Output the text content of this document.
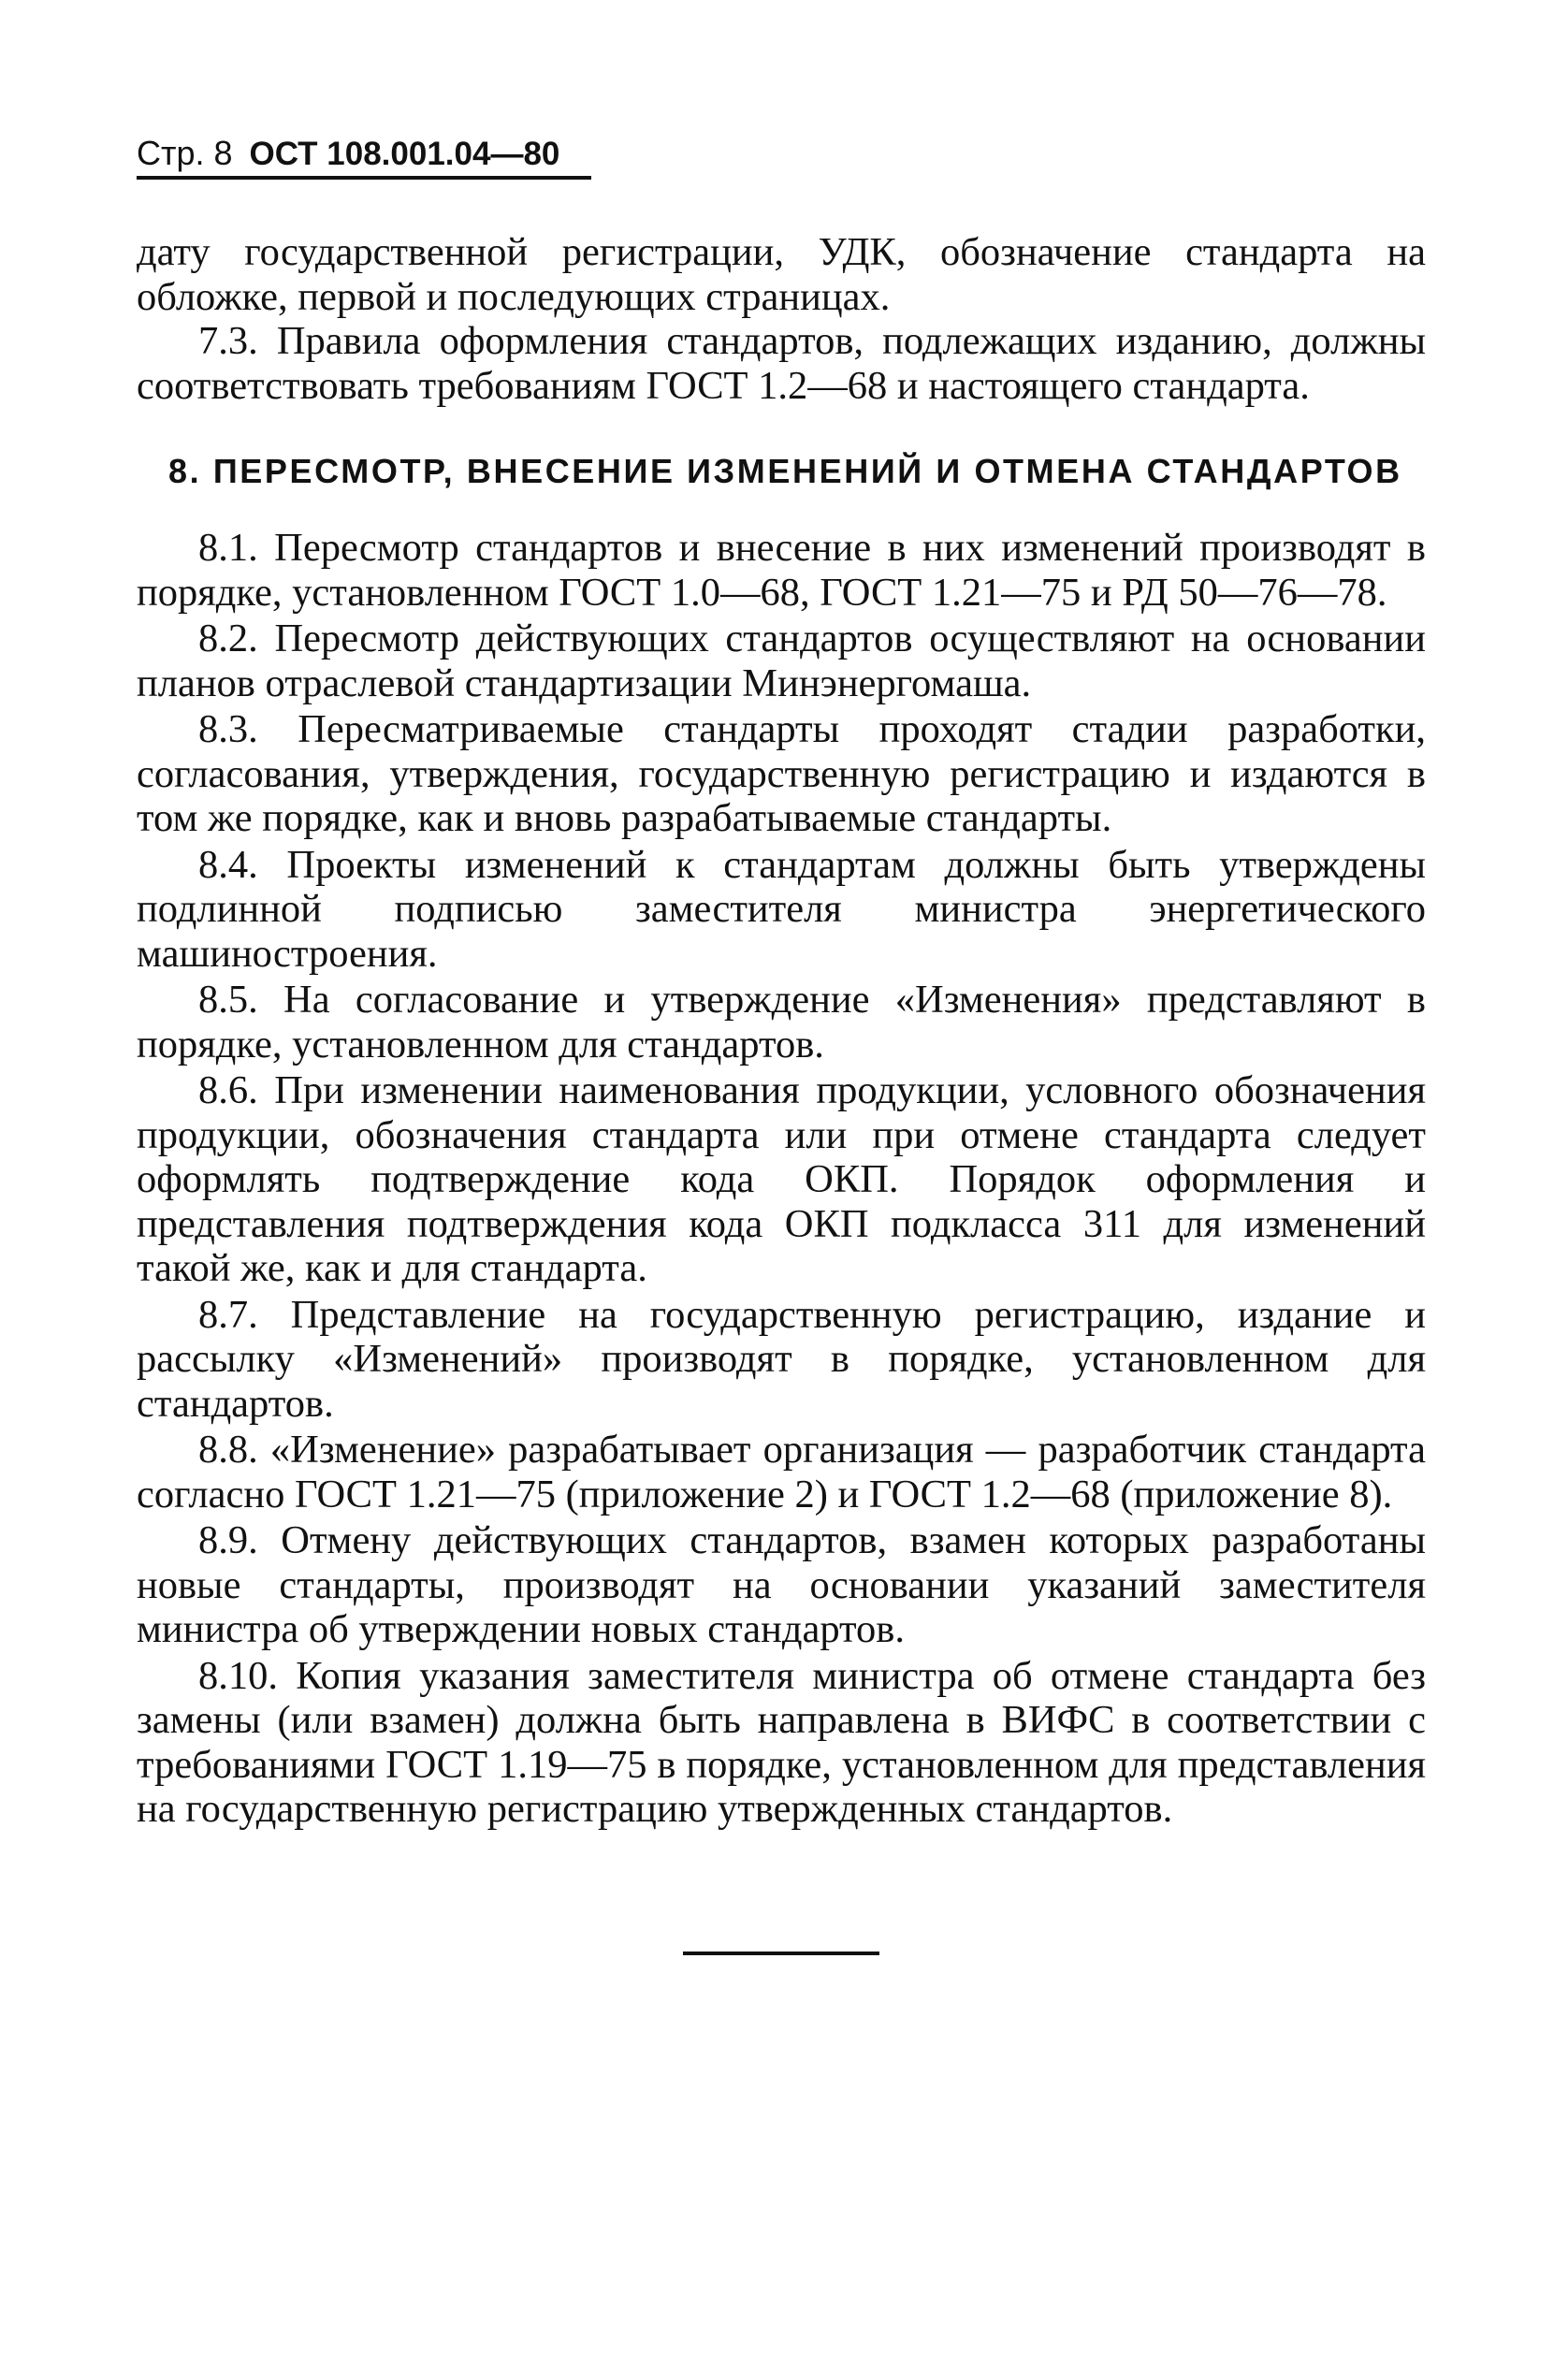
Стр. 8 ОСТ 108.001.04—80

дату государственной регистрации, УДК, обозначение стандарта на обложке, первой и последующих страницах.

7.3. Правила оформления стандартов, подлежащих изданию, должны соответствовать требованиям ГОСТ 1.2—68 и настоящего стандарта.

8. ПЕРЕСМОТР, ВНЕСЕНИЕ ИЗМЕНЕНИЙ И ОТМЕНА СТАНДАРТОВ

8.1. Пересмотр стандартов и внесение в них изменений производят в порядке, установленном ГОСТ 1.0—68, ГОСТ 1.21—75 и РД 50—76—78.

8.2. Пересмотр действующих стандартов осуществляют на основании планов отраслевой стандартизации Минэнергомаша.

8.3. Пересматриваемые стандарты проходят стадии разработки, согласования, утверждения, государственную регистрацию и издаются в том же порядке, как и вновь разрабатываемые стандарты.

8.4. Проекты изменений к стандартам должны быть утверждены подлинной подписью заместителя министра энергетического машиностроения.

8.5. На согласование и утверждение «Изменения» представляют в порядке, установленном для стандартов.

8.6. При изменении наименования продукции, условного обозначения продукции, обозначения стандарта или при отмене стандарта следует оформлять подтверждение кода ОКП. Порядок оформления и представления подтверждения кода ОКП подкласса 311 для изменений такой же, как и для стандарта.

8.7. Представление на государственную регистрацию, издание и рассылку «Изменений» производят в порядке, установленном для стандартов.

8.8. «Изменение» разрабатывает организация — разработчик стандарта согласно ГОСТ 1.21—75 (приложение 2) и ГОСТ 1.2—68 (приложение 8).

8.9. Отмену действующих стандартов, взамен которых разработаны новые стандарты, производят на основании указаний заместителя министра об утверждении новых стандартов.

8.10. Копия указания заместителя министра об отмене стандарта без замены (или взамен) должна быть направлена в ВИФС в соответствии с требованиями ГОСТ 1.19—75 в порядке, установленном для представления на государственную регистрацию утвержденных стандартов.
